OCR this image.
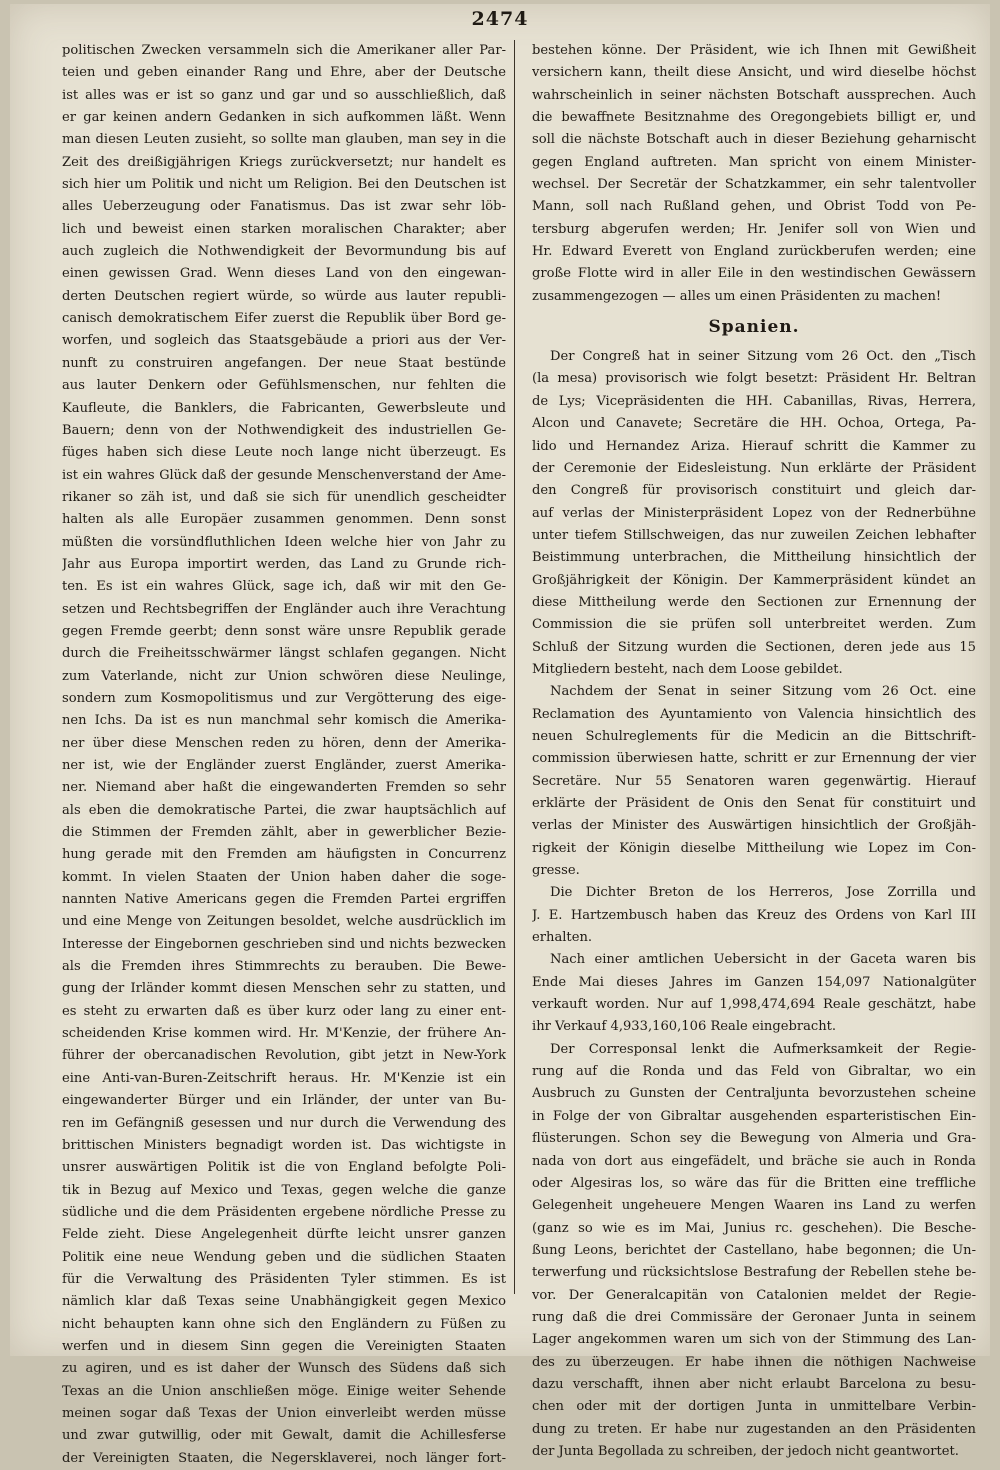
2474
politischen Zwecken versammeln sich die Amerikaner aller Par-
teien und geben einander Rang und Ehre, aber der Deutsche
ist alles was er ist so ganz und gar und so ausschließlich, daß
er gar keinen andern Gedanken in sich aufkommen läßt. Wenn
man diesen Leuten zusieht, so sollte man glauben, man sey in die
Zeit des dreißigjährigen Kriegs zurückversetzt; nur handelt es
sich hier um Politik und nicht um Religion. Bei den Deutschen ist
alles Ueberzeugung oder Fanatismus. Das ist zwar sehr löb-
lich und beweist einen starken moralischen Charakter; aber
auch zugleich die Nothwendigkeit der Bevormundung bis auf
einen gewissen Grad. Wenn dieses Land von den eingewan-
derten Deutschen regiert würde, so würde aus lauter republi-
canisch demokratischem Eifer zuerst die Republik über Bord ge-
worfen, und sogleich das Staatsgebäude a priori aus der Ver-
nunft zu construiren angefangen. Der neue Staat bestünde
aus lauter Denkern oder Gefühlsmenschen, nur fehlten die
Kaufleute, die Banklers, die Fabricanten, Gewerbsleute und
Bauern; denn von der Nothwendigkeit des industriellen Ge-
füges haben sich diese Leute noch lange nicht überzeugt. Es
ist ein wahres Glück daß der gesunde Menschenverstand der Ame-
rikaner so zäh ist, und daß sie sich für unendlich gescheidter
halten als alle Europäer zusammen genommen. Denn sonst
müßten die vorsündfluthlichen Ideen welche hier von Jahr zu
Jahr aus Europa importirt werden, das Land zu Grunde rich-
ten. Es ist ein wahres Glück, sage ich, daß wir mit den Ge-
setzen und Rechtsbegriffen der Engländer auch ihre Verachtung
gegen Fremde geerbt; denn sonst wäre unsre Republik gerade
durch die Freiheitsschwärmer längst schlafen gegangen. Nicht
zum Vaterlande, nicht zur Union schwören diese Neulinge,
sondern zum Kosmopolitismus und zur Vergötterung des eige-
nen Ichs. Da ist es nun manchmal sehr komisch die Amerika-
ner über diese Menschen reden zu hören, denn der Amerika-
ner ist, wie der Engländer zuerst Engländer, zuerst Amerika-
ner. Niemand aber haßt die eingewanderten Fremden so sehr
als eben die demokratische Partei, die zwar hauptsächlich auf
die Stimmen der Fremden zählt, aber in gewerblicher Bezie-
hung gerade mit den Fremden am häufigsten in Concurrenz
kommt. In vielen Staaten der Union haben daher die soge-
nannten Native Americans gegen die Fremden Partei ergriffen
und eine Menge von Zeitungen besoldet, welche ausdrücklich im
Interesse der Eingebornen geschrieben sind und nichts bezwecken
als die Fremden ihres Stimmrechts zu berauben. Die Bewe-
gung der Irländer kommt diesen Menschen sehr zu statten, und
es steht zu erwarten daß es über kurz oder lang zu einer ent-
scheidenden Krise kommen wird. Hr. M'Kenzie, der frühere An-
führer der obercanadischen Revolution, gibt jetzt in New-York
eine Anti-van-Buren-Zeitschrift heraus. Hr. M'Kenzie ist ein
eingewanderter Bürger und ein Irländer, der unter van Bu-
ren im Gefängniß gesessen und nur durch die Verwendung des
brittischen Ministers begnadigt worden ist. Das wichtigste in
unsrer auswärtigen Politik ist die von England befolgte Poli-
tik in Bezug auf Mexico und Texas, gegen welche die ganze
südliche und die dem Präsidenten ergebene nördliche Presse zu
Felde zieht. Diese Angelegenheit dürfte leicht unsrer ganzen
Politik eine neue Wendung geben und die südlichen Staaten
für die Verwaltung des Präsidenten Tyler stimmen. Es ist
nämlich klar daß Texas seine Unabhängigkeit gegen Mexico
nicht behaupten kann ohne sich den Engländern zu Füßen zu
werfen und in diesem Sinn gegen die Vereinigten Staaten
zu agiren, und es ist daher der Wunsch des Südens daß sich
Texas an die Union anschließen möge. Einige weiter Sehende
meinen sogar daß Texas der Union einverleibt werden müsse
und zwar gutwillig, oder mit Gewalt, damit die Achillesferse
der Vereinigten Staaten, die Negersklaverei, noch länger fort-
bestehen könne. Der Präsident, wie ich Ihnen mit Gewißheit
versichern kann, theilt diese Ansicht, und wird dieselbe höchst
wahrscheinlich in seiner nächsten Botschaft aussprechen. Auch
die bewaffnete Besitznahme des Oregongebiets billigt er, und
soll die nächste Botschaft auch in dieser Beziehung geharnischt
gegen England auftreten. Man spricht von einem Minister-
wechsel. Der Secretär der Schatzkammer, ein sehr talentvoller
Mann, soll nach Rußland gehen, und Obrist Todd von Pe-
tersburg abgerufen werden; Hr. Jenifer soll von Wien und
Hr. Edward Everett von England zurückberufen werden; eine
große Flotte wird in aller Eile in den westindischen Gewässern
zusammengezogen — alles um einen Präsidenten zu machen!
Spanien.
Der Congreß hat in seiner Sitzung vom 26 Oct. den „Tisch
(la mesa) provisorisch wie folgt besetzt: Präsident Hr. Beltran
de Lys; Vicepräsidenten die HH. Cabanillas, Rivas, Herrera,
Alcon und Canavete; Secretäre die HH. Ochoa, Ortega, Pa-
lido und Hernandez Ariza. Hierauf schritt die Kammer zu
der Ceremonie der Eidesleistung. Nun erklärte der Präsident
den Congreß für provisorisch constituirt und gleich dar-
auf verlas der Ministerpräsident Lopez von der Rednerbühne
unter tiefem Stillschweigen, das nur zuweilen Zeichen lebhafter
Beistimmung unterbrachen, die Mittheilung hinsichtlich der
Großjährigkeit der Königin. Der Kammerpräsident kündet an
diese Mittheilung werde den Sectionen zur Ernennung der
Commission die sie prüfen soll unterbreitet werden. Zum
Schluß der Sitzung wurden die Sectionen, deren jede aus 15
Mitgliedern besteht, nach dem Loose gebildet.
Nachdem der Senat in seiner Sitzung vom 26 Oct. eine
Reclamation des Ayuntamiento von Valencia hinsichtlich des
neuen Schulreglements für die Medicin an die Bittschrift-
commission überwiesen hatte, schritt er zur Ernennung der vier
Secretäre. Nur 55 Senatoren waren gegenwärtig. Hierauf
erklärte der Präsident de Onis den Senat für constituirt und
verlas der Minister des Auswärtigen hinsichtlich der Großjäh-
rigkeit der Königin dieselbe Mittheilung wie Lopez im Con-
gresse.
Die Dichter Breton de los Herreros, Jose Zorrilla und
J. E. Hartzembusch haben das Kreuz des Ordens von Karl III
erhalten.
Nach einer amtlichen Uebersicht in der Gaceta waren bis
Ende Mai dieses Jahres im Ganzen 154,097 Nationalgüter
verkauft worden. Nur auf 1,998,474,694 Reale geschätzt, habe
ihr Verkauf 4,933,160,106 Reale eingebracht.
Der Corresponsal lenkt die Aufmerksamkeit der Regie-
rung auf die Ronda und das Feld von Gibraltar, wo ein
Ausbruch zu Gunsten der Centraljunta bevorzustehen scheine
in Folge der von Gibraltar ausgehenden esparteristischen Ein-
flüsterungen. Schon sey die Bewegung von Almeria und Gra-
nada von dort aus eingefädelt, und bräche sie auch in Ronda
oder Algesiras los, so wäre das für die Britten eine treffliche
Gelegenheit ungeheuere Mengen Waaren ins Land zu werfen
(ganz so wie es im Mai, Junius rc. geschehen). Die Besche-
ßung Leons, berichtet der Castellano, habe begonnen; die Un-
terwerfung und rücksichtslose Bestrafung der Rebellen stehe be-
vor. Der Generalcapitän von Catalonien meldet der Regie-
rung daß die drei Commissäre der Geronaer Junta in seinem
Lager angekommen waren um sich von der Stimmung des Lan-
des zu überzeugen. Er habe ihnen die nöthigen Nachweise
dazu verschafft, ihnen aber nicht erlaubt Barcelona zu besu-
chen oder mit der dortigen Junta in unmittelbare Verbin-
dung zu treten. Er habe nur zugestanden an den Präsidenten
der Junta Begollada zu schreiben, der jedoch nicht geantwortet.
